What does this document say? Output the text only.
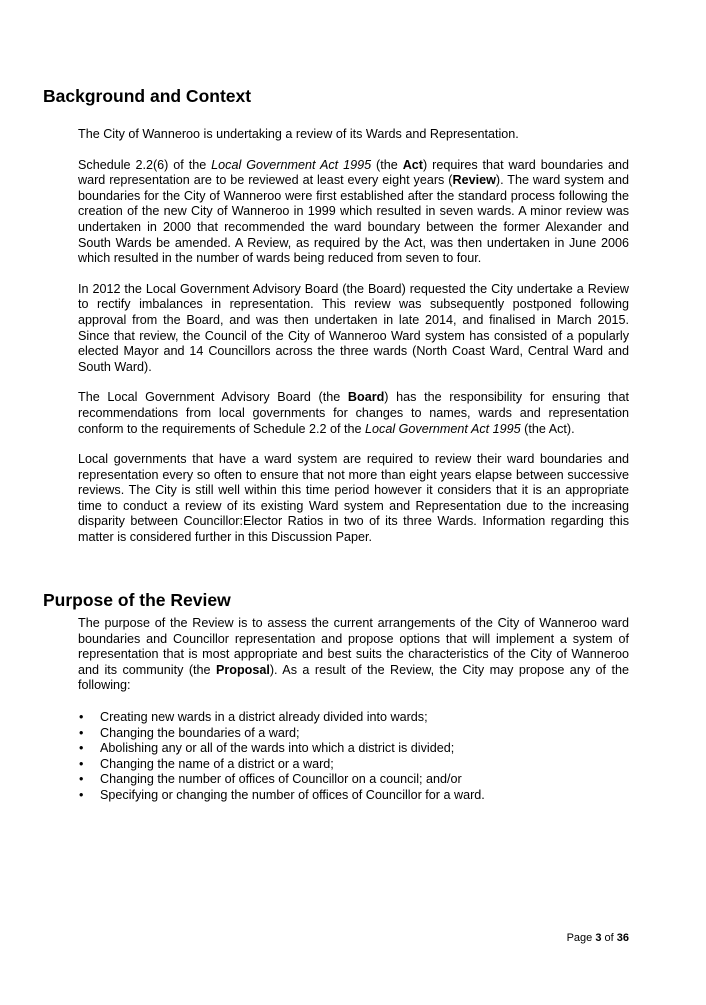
Background and Context

The City of Wanneroo is undertaking a review of its Wards and Representation.

Schedule 2.2(6) of the Local Government Act 1995 (the Act) requires that ward boundaries and ward representation are to be reviewed at least every eight years (Review). The ward system and boundaries for the City of Wanneroo were first established after the standard process following the creation of the new City of Wanneroo in 1999 which resulted in seven wards. A minor review was undertaken in 2000 that recommended the ward boundary between the former Alexander and South Wards be amended. A Review, as required by the Act, was then undertaken in June 2006 which resulted in the number of wards being reduced from seven to four.

In 2012 the Local Government Advisory Board (the Board) requested the City undertake a Review to rectify imbalances in representation. This review was subsequently postponed following approval from the Board, and was then undertaken in late 2014, and finalised in March 2015. Since that review, the Council of the City of Wanneroo Ward system has consisted of a popularly elected Mayor and 14 Councillors across the three wards (North Coast Ward, Central Ward and South Ward).

The Local Government Advisory Board (the Board) has the responsibility for ensuring that recommendations from local governments for changes to names, wards and representation conform to the requirements of Schedule 2.2 of the Local Government Act 1995 (the Act).

Local governments that have a ward system are required to review their ward boundaries and representation every so often to ensure that not more than eight years elapse between successive reviews. The City is still well within this time period however it considers that it is an appropriate time to conduct a review of its existing Ward system and Representation due to the increasing disparity between Councillor:Elector Ratios in two of its three Wards. Information regarding this matter is considered further in this Discussion Paper.

Purpose of the Review

The purpose of the Review is to assess the current arrangements of the City of Wanneroo ward boundaries and Councillor representation and propose options that will implement a system of representation that is most appropriate and best suits the characteristics of the City of Wanneroo and its community (the Proposal). As a result of the Review, the City may propose any of the following:

• Creating new wards in a district already divided into wards;
• Changing the boundaries of a ward;
• Abolishing any or all of the wards into which a district is divided;
• Changing the name of a district or a ward;
• Changing the number of offices of Councillor on a council; and/or
• Specifying or changing the number of offices of Councillor for a ward.
Page 3 of 36
